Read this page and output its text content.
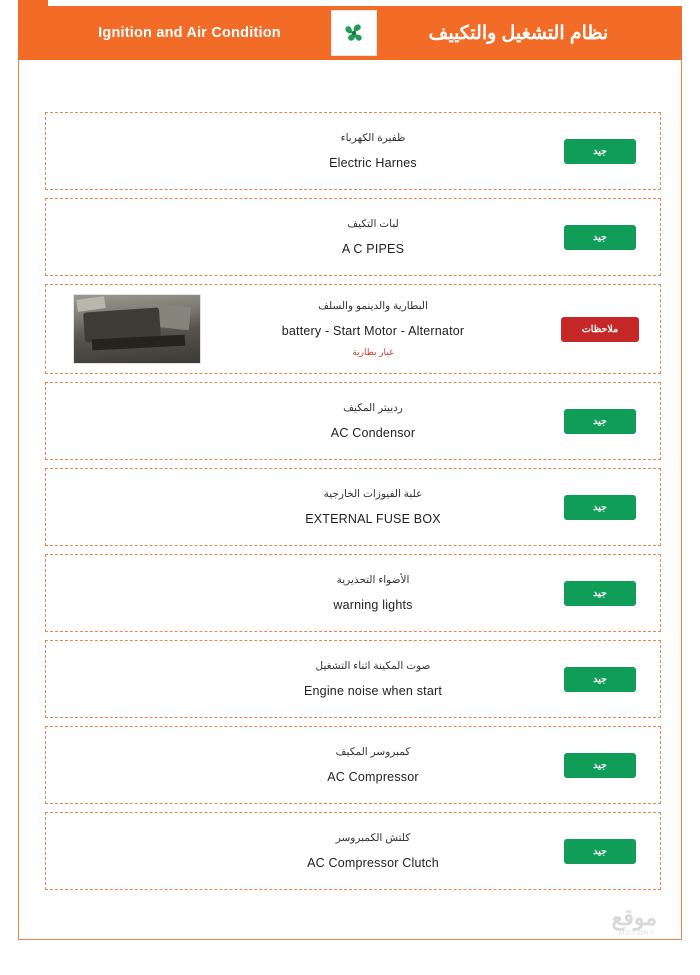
Ignition and Air Condition	نظام التشغيل والتكييف
ظفيرة الكهرباء
Electric Harnes
جيد
لبات التكيف
A C PIPES
جيد
البطارية والدينمو والسلف
battery - Start Motor - Alternator
غبار بطارية
ملاحظات
ردييتر المكيف
AC Condensor
جيد
علبة الفيوزات الخارجية
EXTERNAL FUSE BOX
جيد
الأضواء التحذيرية
warning lights
جيد
صوت المكينة اثناء التشغيل
Engine noise when start
جيد
كمبروسر المكيف
AC Compressor
جيد
كلتش الكمبروسر
AC Compressor Clutch
جيد
موقع
MOTORY
